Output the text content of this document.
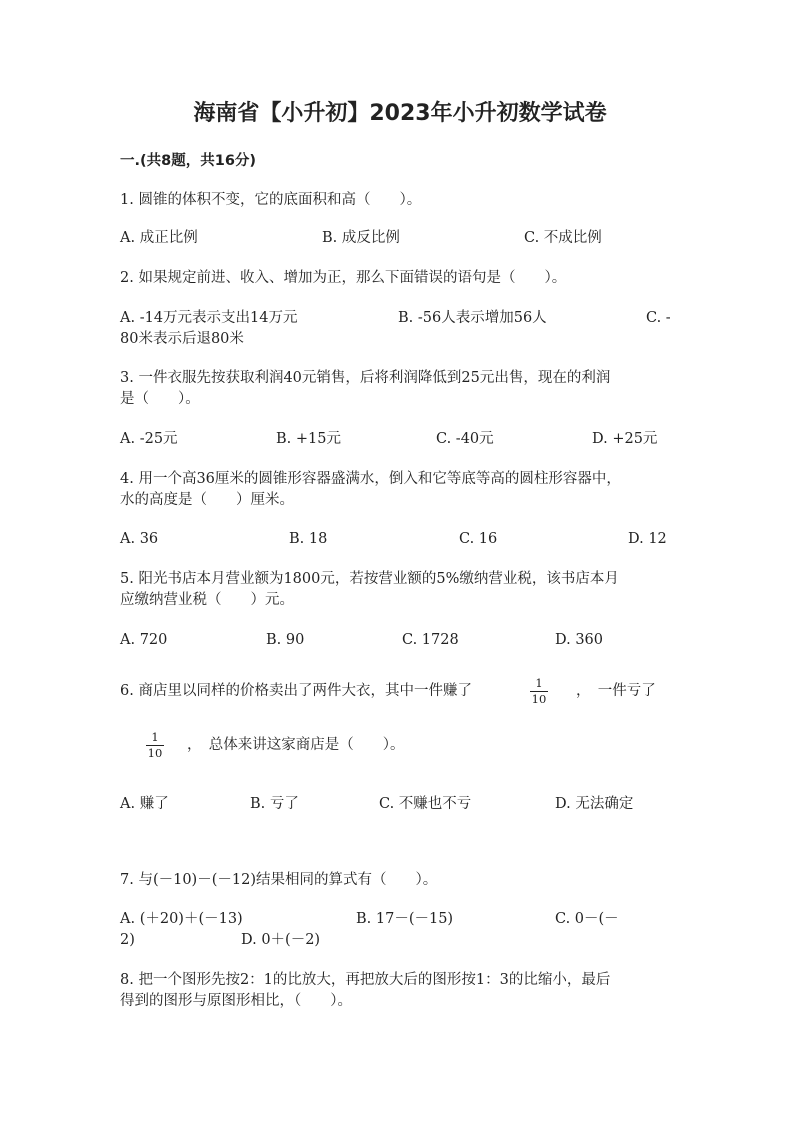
海南省【小升初】2023年小升初数学试卷
一.(共8题，共16分)
1. 圆锥的体积不变，它的底面积和高（　　）。
A. 成正比例	B. 成反比例	C. 不成比例
2. 如果规定前进、收入、增加为正，那么下面错误的语句是（　　）。
A. -14万元表示支出14万元	B. -56人表示增加56人	C. -
80米表示后退80米
3. 一件衣服先按获取利润40元销售，后将利润降低到25元出售，现在的利润
是（　　）。
A. -25元	B. +15元	C. -40元	D. +25元
4. 用一个高36厘米的圆锥形容器盛满水，倒入和它等底等高的圆柱形容器中，
水的高度是（　　）厘米。
A. 36	B. 18	C. 16	D. 12
5. 阳光书店本月营业额为1800元，若按营业额的5%缴纳营业税，该书店本月
应缴纳营业税（　　）元。
A. 720	B. 90	C. 1728	D. 360
6. 商店里以同样的价格卖出了两件大衣，其中一件赚了	1
10 ，　一件亏了
1
10 ，　总体来讲这家商店是（　　）。
A. 赚了	B. 亏了	C. 不赚也不亏	D. 无法确定
7. 与(－10)－(－12)结果相同的算式有（　　）。
A. (＋20)＋(－13)	B. 17－(－15)	C. 0－(－
2)	D. 0＋(－2)
8. 把一个图形先按2：1的比放大，再把放大后的图形按1：3的比缩小，最后
得到的图形与原图形相比，（　　）。
